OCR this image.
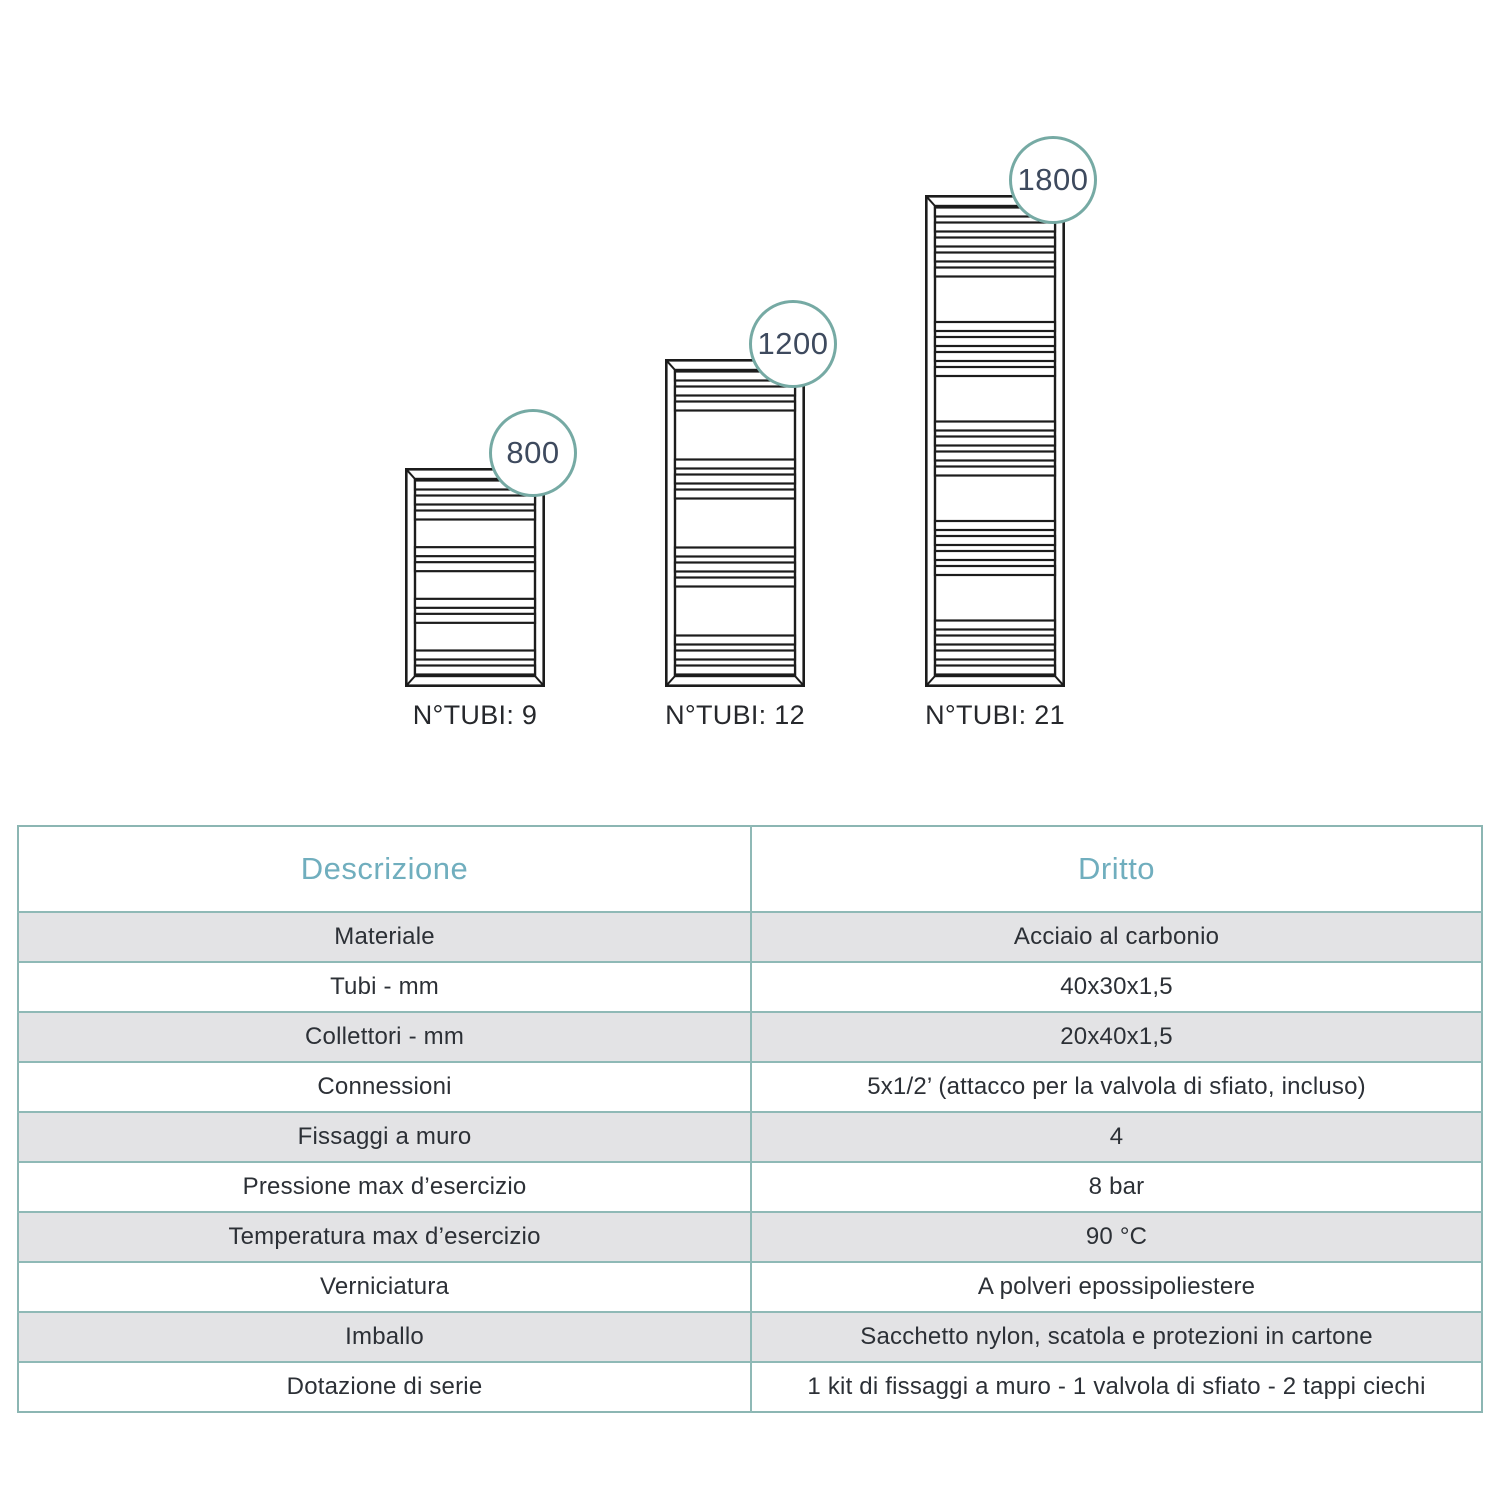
800
N°TUBI: 9
1200
N°TUBI: 12
1800
N°TUBI: 21
Descrizione	Dritto
Materiale	Acciaio al carbonio
Tubi - mm	40x30x1,5
Collettori - mm	20x40x1,5
Connessioni	5x1/2’ (attacco per la valvola di sfiato, incluso)
Fissaggi a muro	4
Pressione max d’esercizio	8 bar
Temperatura max d’esercizio	90 °C
Verniciatura	A polveri epossipoliestere
Imballo	Sacchetto nylon, scatola e protezioni in cartone
Dotazione di serie	1 kit di fissaggi a muro - 1 valvola di sfiato - 2 tappi ciechi
